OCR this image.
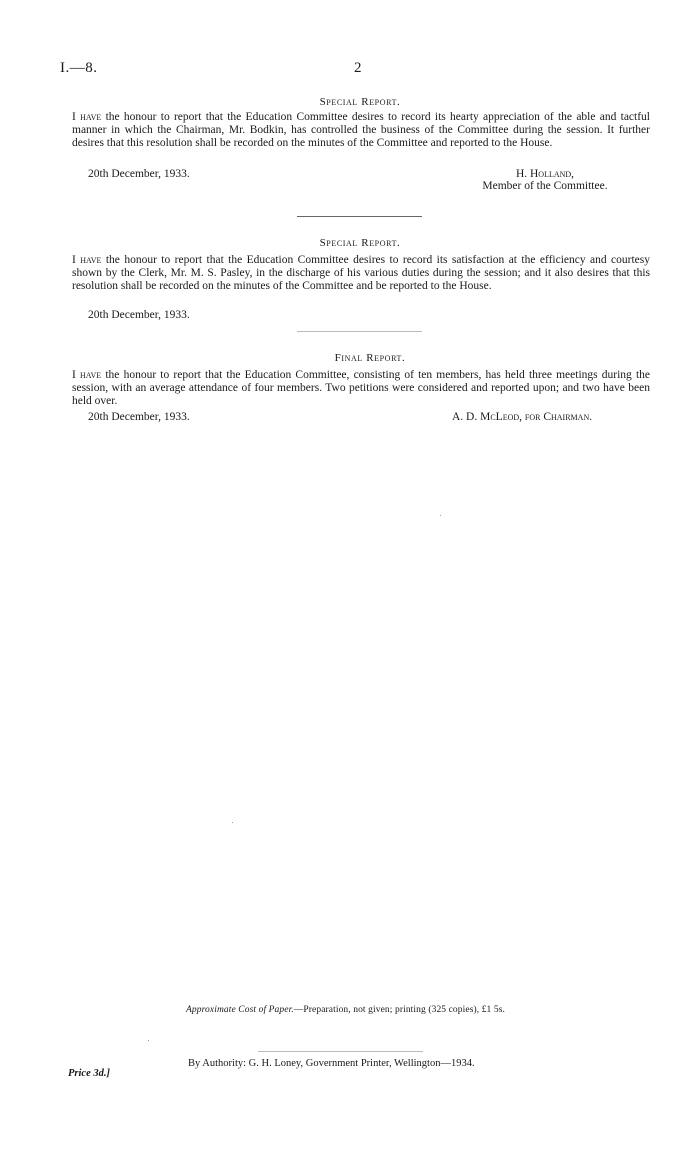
I.—8.	2
Special Report.
I have the honour to report that the Education Committee desires to record its hearty appreciation of the able and tactful manner in which the Chairman, Mr. Bodkin, has controlled the business of the Committee during the session. It further desires that this resolution shall be recorded on the minutes of the Committee and reported to the House.
20th December, 1933.	H. Holland,
Member of the Committee.
Special Report.
I have the honour to report that the Education Committee desires to record its satisfaction at the efficiency and courtesy shown by the Clerk, Mr. M. S. Pasley, in the discharge of his various duties during the session; and it also desires that this resolution shall be recorded on the minutes of the Committee and be reported to the House.
20th December, 1933.
Final Report.
I have the honour to report that the Education Committee, consisting of ten members, has held three meetings during the session, with an average attendance of four members. Two petitions were considered and reported upon; and two have been held over.
20th December, 1933.	A. D. McLeod, for Chairman.
Approximate Cost of Paper.—Preparation, not given; printing (325 copies), £1 5s.
Price 3d.]
By Authority: G. H. Loney, Government Printer, Wellington—1934.
